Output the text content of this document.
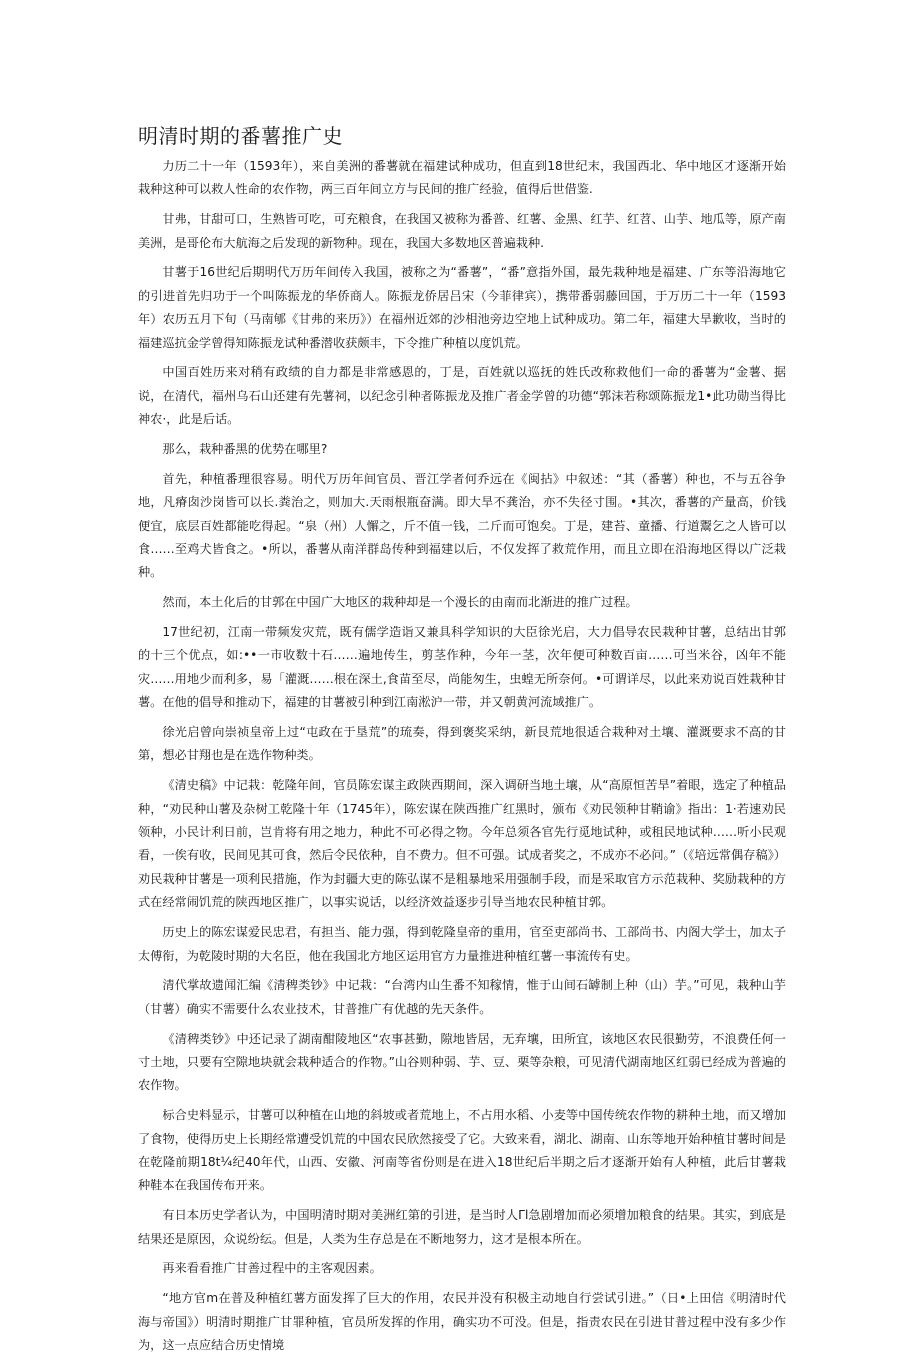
明清时期的番薯推广史

力历二十一年（1593年），来自美洲的番薯就在福建试种成功，但直到18世纪末，我国西北、华中地区才逐渐开始栽种这种可以救人性命的农作物，两三百年间立方与民间的推广经验，值得后世借鉴.

甘弗，甘甜可口，生熟皆可吃，可充粮食，在我国又被称为番普、红薯、金黑、红芋、红苕、山芋、地瓜等，原产南美洲，是哥伦布大航海之后发现的新物种。现在，我国大多数地区普遍栽种.

甘薯于16世纪后期明代万历年间传入我国，被称之为“番薯”，“番”意指外国，最先栽种地是福建、广东等沿海地它的引进首先归功于一个叫陈振龙的华侨商人。陈振龙侨居吕宋（今菲律宾），携带番弱藤回国，于万历二十一年（1593年）农历五月下旬（马南郇《甘弗的来历》）在福州近郊的沙相池旁边空地上试种成功。第二年，福建大旱歉收，当时的福建巡抗金学曾得知陈振龙试种番潜收获颇丰，下令推广种植以度饥荒。

中国百姓历来对稍有政绩的自力都是非常感恩的，丁是，百姓就以巡抚的姓氏改称救他们一命的番薯为“金薯、据说，在清代，福州乌石山还建有先薯祠，以纪念引种者陈振龙及推广者金学曾的功德“郭沫若称颂陈振龙1•此功勋当得比神农·，此是后话。

那么，栽种番黑的优势在哪里?

首先，种植番理很容易。明代万历年间官员、晋江学者何乔远在《闽拈》中叙述：“其（番薯）种也，不与五谷争地，凡瘠囱沙岗皆可以长.粪治之，则加大.天雨根瓶奋满。即大旱不龚治，亦不失径寸围。•其次，番薯的产量高，价钱便宜，底层百姓都能吃得起。“泉（州）人懈之，斤不值一钱，二斤而可饱矣。丁是，建苔、童播、行道鬻乞之人皆可以食……至鸡犬皆食之。•所以，番薯从南洋群岛传种到福建以后，不仅发挥了救荒作用，而且立即在沿海地区得以广泛栽种。

然而，本土化后的甘郭在中国广大地区的栽种却是一个漫长的由南而北渐进的推广过程。

17世纪初，江南一带频发灾荒，既有儒学造诣又兼具科学知识的大臣徐光启，大力倡导农民栽种甘薯，总结出甘郭的十三个优点，如:••一市收数十石……遍地传生，剪茎作种，今年一茎，次年便可种数百亩……可当米谷，凶年不能灾……用地少而利多，易「灌溉……根在深土,食苗至尽，尚能匆生，虫蝗无所奈何。•可谓详尽，以此来劝说百姓栽种甘薯。在他的倡导和推动下，福建的甘薯被引种到江南淞沪一带，并又朝黄河流域推广。

徐光启曾向崇祯皇帝上过“屯政在于垦荒”的琉奏，得到褒奖采纳，新艮荒地很适合栽种对土壤、灌溉要求不高的甘第，想必甘翔也是在选作物种类。

《清史稿》中记栽：乾隆年间，官员陈宏谋主政陕西期间，深入调研当地土壤，从“高原恒苦旱”着眼，选定了种植品种，“劝民种山薯及杂树工乾隆十年（1745年），陈宏谋在陕西推广红黑时，颁布《劝民领种甘鞘谕》指出：1·若速劝民领种，小民计利日前，岂肯将有用之地力，种此不可必得之物。今年总须各官先行觅地试种，或租民地试种……听小民观看，一俟有收，民间见其可食，然后令民依种，自不费力。但不可强。试成者奖之，不成亦不必问。”（《培远常偶存稿》）劝民栽种甘薯是一项利民措施，作为封疆大吏的陈弘谋不是粗暴地采用强制手段，而是采取官方示范栽种、奖励栽种的方式在经常闹饥荒的陕西地区推广，以事实说话，以经济效益逐步引导当地农民种植甘郭。

历史上的陈宏谋爱民忠君，有担当、能力强，得到乾隆皇帝的重用，官至吏部尚书、工部尚书、内阁大学士，加太子太傅衔，为乾陵时期的大名臣，他在我国北方地区运用官方力量推进种植红薯一事流传有史。

清代掌故遗闻汇编《清稗类钞》中记栽：“台湾内山生番不知稼情，惟于山间石罅制上种（山）芋。”可见，栽种山芋（甘薯）确实不需要什么农业技术，甘普推广有优越的先天条件。

《清稗类钞》中还记录了湖南酣陵地区“农事甚勤，隙地皆居，无弃壤，田所宜，该地区农民很勤劳，不浪费任何一寸土地，只要有空隙地块就会栽种适合的作物。”山谷则种弱、芋、豆、栗等杂粮，可见清代湖南地区红弱已经成为普遍的农作物。

标合史料显示，甘薯可以种植在山地的斜坡或者荒地上，不占用水稻、小麦等中国传统农作物的耕种土地，而又增加了食物，使得历史上长期经常遭受饥荒的中国农民欣然接受了它。大致来看，湖北、湖南、山东等地开始种植甘薯时间是在乾隆前期18t¼纪40年代，山西、安徽、河南等省份则是在进入18世纪后半期之后才逐渐开始有人种植，此后甘薯栽种鞋本在我国传布开来。

有日本历史学者认为，中国明清时期对美洲红第的引进，是当时人Γl急剧增加而必须增加粮食的结果。其实，到底是结果还是原因，众说纷纭。但是，人类为生存总是在不断地努力，这才是根本所在。

再来看看推广甘善过程中的主客观因素。

“地方官m在普及种植红薯方面发挥了巨大的作用，农民并没有积极主动地自行尝试引进。”（日•上田信《明清时代 海与帝国》）明清时期推广甘罪种植，官员所发挥的作用，确实功不可没。但是，指责农民在引进甘普过程中没有多少作为，这一点应结合历史情境
